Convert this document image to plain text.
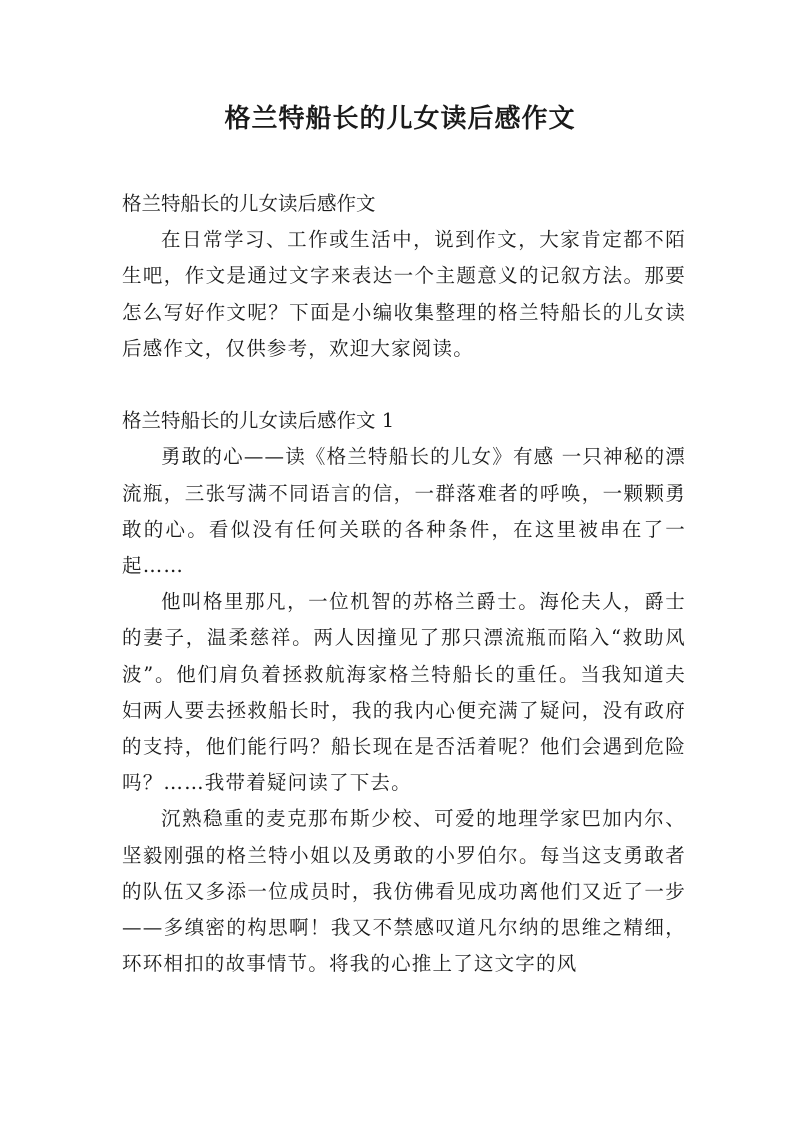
格兰特船长的儿女读后感作文

格兰特船长的儿女读后感作文

在日常学习、工作或生活中，说到作文，大家肯定都不陌生吧，作文是通过文字来表达一个主题意义的记叙方法。那要怎么写好作文呢？下面是小编收集整理的格兰特船长的儿女读后感作文，仅供参考，欢迎大家阅读。

格兰特船长的儿女读后感作文 1

勇敢的心——读《格兰特船长的儿女》有感 一只神秘的漂流瓶，三张写满不同语言的信，一群落难者的呼唤，一颗颗勇敢的心。看似没有任何关联的各种条件，在这里被串在了一起……

他叫格里那凡，一位机智的苏格兰爵士。海伦夫人，爵士的妻子，温柔慈祥。两人因撞见了那只漂流瓶而陷入“救助风波”。他们肩负着拯救航海家格兰特船长的重任。当我知道夫妇两人要去拯救船长时，我的我内心便充满了疑问，没有政府的支持，他们能行吗？船长现在是否活着呢？他们会遇到危险吗？……我带着疑问读了下去。

沉熟稳重的麦克那布斯少校、可爱的地理学家巴加内尔、坚毅刚强的格兰特小姐以及勇敢的小罗伯尔。每当这支勇敢者的队伍又多添一位成员时，我仿佛看见成功离他们又近了一步——多缜密的构思啊！我又不禁感叹道凡尔纳的思维之精细，环环相扣的故事情节。将我的心推上了这文字的风
